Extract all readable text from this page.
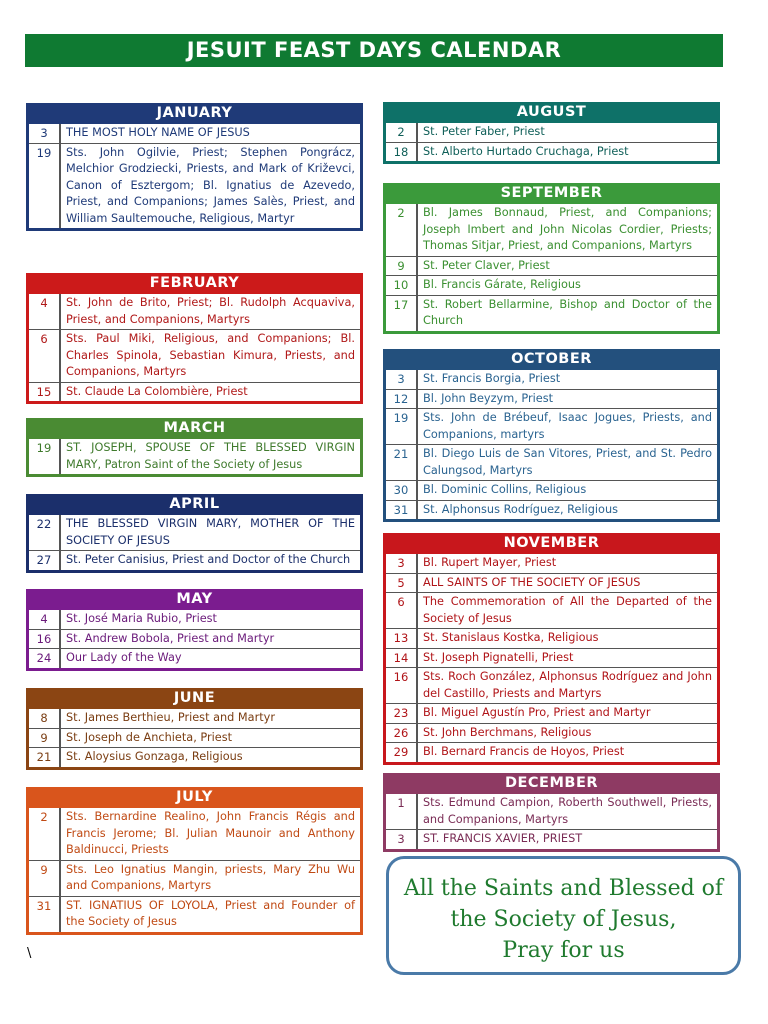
JESUIT FEAST DAYS CALENDAR
JANUARY
3	THE MOST HOLY NAME OF JESUS
19	Sts. John Ogilvie, Priest; Stephen Pongrácz, Melchior Grodziecki, Priests, and Mark of Križevci, Canon of Esztergom; Bl. Ignatius de Azevedo, Priest, and Companions; James Salès, Priest, and William Saultemouche, Religious, Martyr
FEBRUARY
4	St. John de Brito, Priest; Bl. Rudolph Acquaviva, Priest, and Companions, Martyrs
6	Sts. Paul Miki, Religious, and Companions; Bl. Charles Spinola, Sebastian Kimura, Priests, and Companions, Martyrs
15	St. Claude La Colombière, Priest
MARCH
19	ST. JOSEPH, SPOUSE OF THE BLESSED VIRGIN MARY, Patron Saint of the Society of Jesus
APRIL
22	THE BLESSED VIRGIN MARY, MOTHER OF THE SOCIETY OF JESUS
27	St. Peter Canisius, Priest and Doctor of the Church
MAY
4	St. José Maria Rubio, Priest
16	St. Andrew Bobola, Priest and Martyr
24	Our Lady of the Way
JUNE
8	St. James Berthieu, Priest and Martyr
9	St. Joseph de Anchieta, Priest
21	St. Aloysius Gonzaga, Religious
JULY
2	Sts. Bernardine Realino, John Francis Régis and Francis Jerome; Bl. Julian Maunoir and Anthony Baldinucci, Priests
9	Sts. Leo Ignatius Mangin, priests, Mary Zhu Wu and Companions, Martyrs
31	ST. IGNATIUS OF LOYOLA, Priest and Founder of the Society of Jesus
AUGUST
2	St. Peter Faber, Priest
18	St. Alberto Hurtado Cruchaga, Priest
SEPTEMBER
2	Bl. James Bonnaud, Priest, and Companions; Joseph Imbert and John Nicolas Cordier, Priests; Thomas Sitjar, Priest, and Companions, Martyrs
9	St. Peter Claver, Priest
10	Bl. Francis Gárate, Religious
17	St. Robert Bellarmine, Bishop and Doctor of the Church
OCTOBER
3	St. Francis Borgia, Priest
12	Bl. John Beyzym, Priest
19	Sts. John de Brébeuf, Isaac Jogues, Priests, and Companions, martyrs
21	Bl. Diego Luis de San Vitores, Priest, and St. Pedro Calungsod, Martyrs
30	Bl. Dominic Collins, Religious
31	St. Alphonsus Rodríguez, Religious
NOVEMBER
3	Bl. Rupert Mayer, Priest
5	ALL SAINTS OF THE SOCIETY OF JESUS
6	The Commemoration of All the Departed of the Society of Jesus
13	St. Stanislaus Kostka, Religious
14	St. Joseph Pignatelli, Priest
16	Sts. Roch González, Alphonsus Rodríguez and John del Castillo, Priests and Martyrs
23	Bl. Miguel Agustín Pro, Priest and Martyr
26	St. John Berchmans, Religious
29	Bl. Bernard Francis de Hoyos, Priest
DECEMBER
1	Sts. Edmund Campion, Roberth Southwell, Priests, and Companions, Martyrs
3	ST. FRANCIS XAVIER, PRIEST
All the Saints and Blessed of
the Society of Jesus,
Pray for us
\
